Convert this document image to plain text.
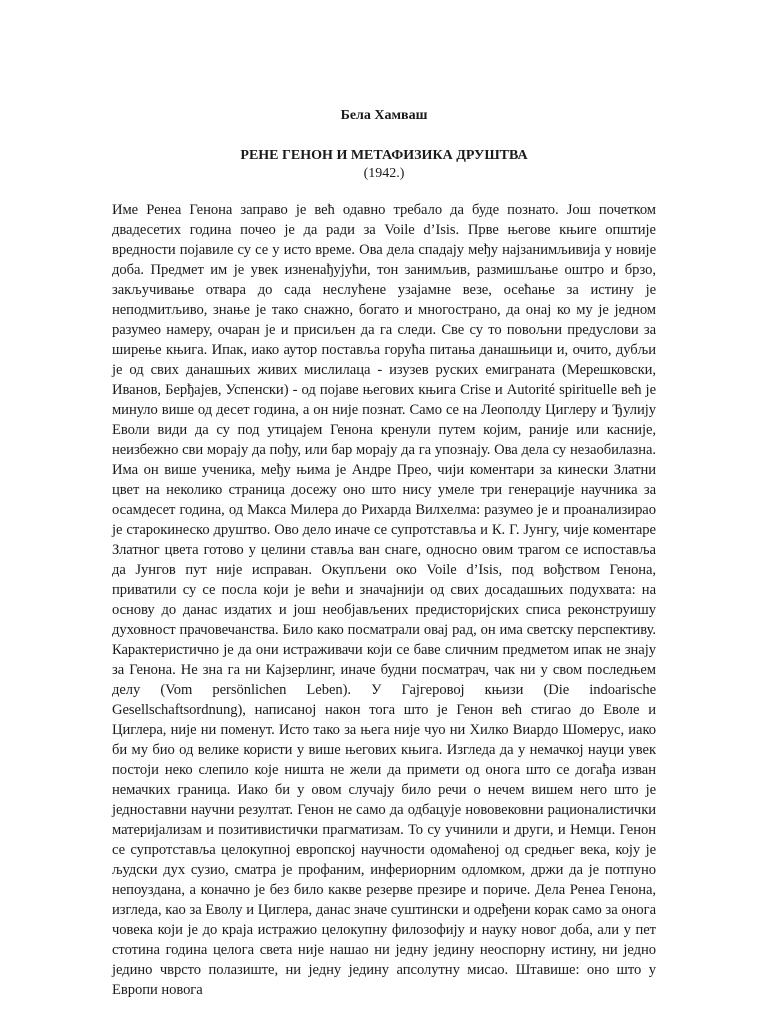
Бела Хамваш

РЕНЕ ГЕНОН И МЕТАФИЗИКА ДРУШТВА

(1942.)

Име Ренеа Генона заправо је већ одавно требало да буде познато. Још почетком двадесетих година почео је да ради за Voile d’Isis. Прве његове књиге општије вредности појавиле су се у исто време. Ова дела спадају међу најзанимљивија у новије доба. Предмет им је увек изненађујући, тон занимљив, размишљање оштро и брзо, закључивање отвара до сада неслућене узајамне везе, осећање за истину је неподмитљиво, знање је тако снажно, богато и многострано, да онај ко му је једном разумео намеру, очаран је и присиљен да га следи. Све су то повољни предуслови за ширење књига. Ипак, иако аутор поставља горућа питања данашњици и, очито, дубљи је од свих данашњих живих мислилаца - изузев руских емиграната (Мерешковски, Иванов, Берђајев, Успенски) - од појаве његових књига Crise и Autorité spirituelle већ је минуло више од десет година, а он није познат. Само се на Леополду Циглеру и Ђулију Еволи види да су под утицајем Генона кренули путем којим, раније или касније, неизбежно сви морају да пођу, или бар морају да га упознају. Ова дела су незаобилазна. Има он више ученика, међу њима је Андре Прео, чији коментари за кинески Златни цвет на неколико страница досежу оно што нису умеле три генерације научника за осамдесет година, од Макса Милера до Рихарда Вилхелма: разумео је и проанализирао је старокинеско друштво. Ово дело иначе се супротставља и К. Г. Јунгу, чије коментаре Златног цвета готово у целини ставља ван снаге, односно овим трагом се испоставља да Јунгов пут није исправан. Окупљени око Voile d’Isis, под вођством Генона, приватили су се посла који је већи и значајнији од свих досадашњих подухвата: на основу до данас издатих и још необјављених предисторијских списа реконструишу духовност прачовечанства. Било како посматрали овај рад, он има светску перспективу. Карактеристично је да они истраживачи који се баве сличним предметом ипак не знају за Генона. Не зна га ни Кајзерлинг, иначе будни посматрач, чак ни у свом последњем делу (Vom persönlichen Leben). У Гајгеровој књизи (Die indoarische Gesellschaftsordnung), написаној након тога што је Генон већ стигао до Еволе и Циглера, није ни поменут. Исто тако за њега није чуо ни Хилко Виардо Шомерус, иако би му био од велике користи у више његових књига. Изгледа да у немачкој науци увек постоји неко слепило које ништа не жели да примети од онога што се догађа изван немачких граница. Иако би у овом случају било речи о нечем вишем него што је једноставни научни резултат. Генон не само да одбацује нововековни рационалистички материјализам и позитивистички прагматизам. То су учинили и други, и Немци. Генон се супротставља целокупној европској научности одомаћеној од средњег века, коју је људски дух сузио, сматра је профаним, инфериорним одломком, држи да је потпуно непоуздана, а коначно је без било какве резерве презире и пориче. Дела Ренеа Генона, изгледа, као за Еволу и Циглера, данас значе суштински и одређени корак само за онога човека који је до краја истражио целокупну филозофију и науку новог доба, али у пет стотина година целога света није нашао ни једну једину неоспорну истину, ни једно једино чврсто полазиште, ни једну једину апсолутну мисао. Штавише: оно што у Европи новога
